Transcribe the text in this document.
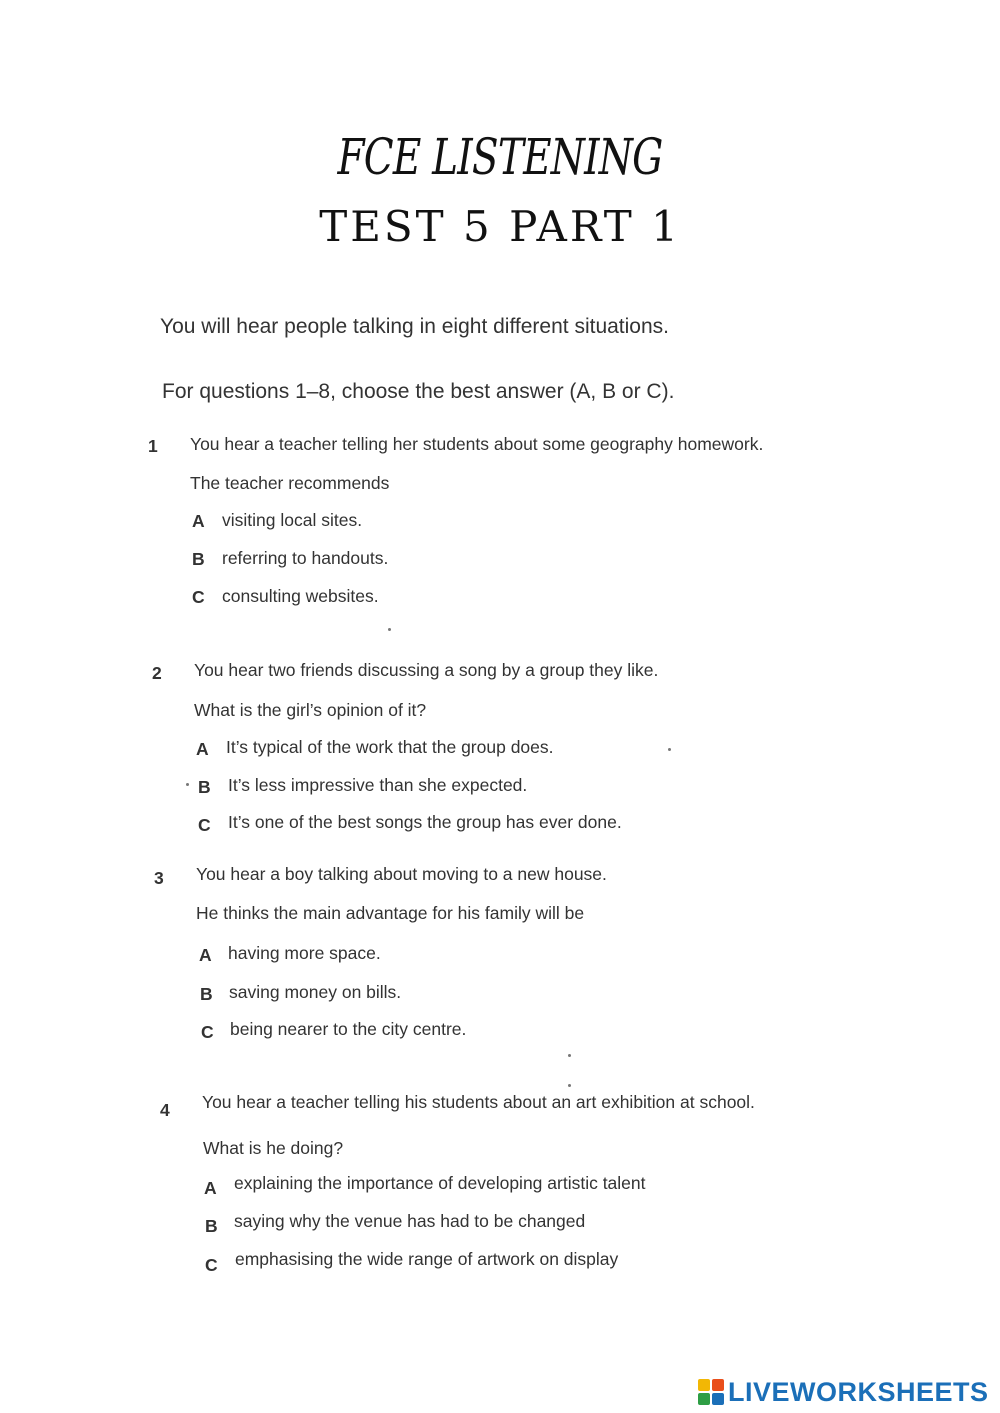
FCE LISTENING
TEST 5 PART 1
You will hear people talking in eight different situations.
For questions 1–8, choose the best answer (A, B or C).
1 You hear a teacher telling her students about some geography homework.
The teacher recommends
A visiting local sites.
B referring to handouts.
C consulting websites.
2 You hear two friends discussing a song by a group they like.
What is the girl’s opinion of it?
A It’s typical of the work that the group does.
B It’s less impressive than she expected.
C It’s one of the best songs the group has ever done.
3 You hear a boy talking about moving to a new house.
He thinks the main advantage for his family will be
A having more space.
B saving money on bills.
C being nearer to the city centre.
4 You hear a teacher telling his students about an art exhibition at school.
What is he doing?
A explaining the importance of developing artistic talent
B saying why the venue has had to be changed
C emphasising the wide range of artwork on display
LIVEWORKSHEETS
